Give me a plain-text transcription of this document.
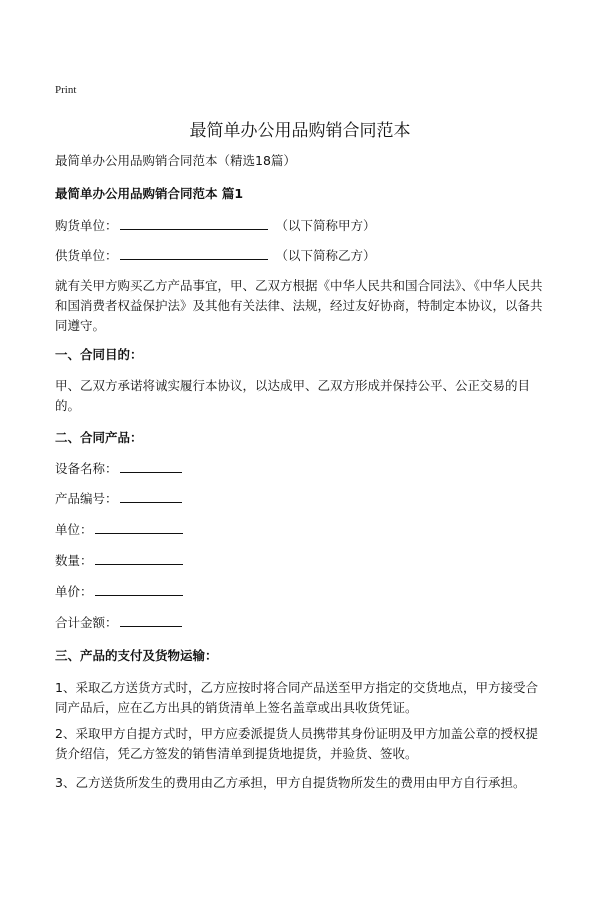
Print
最简单办公用品购销合同范本
最简单办公用品购销合同范本（精选18篇）
最简单办公用品购销合同范本 篇1
购货单位：	（以下简称甲方）
供货单位：	（以下简称乙方）

就有关甲方购买乙方产品事宜，甲、乙双方根据《中华人民共和国合同法》、《中华人民共和国消费者权益保护法》及其他有关法律、法规，经过友好协商，特制定本协议，以备共同遵守。

一、合同目的：

甲、乙双方承诺将诚实履行本协议，以达成甲、乙双方形成并保持公平、公正交易的目的。

二、合同产品：
设备名称：
产品编号：
单位：
数量：
单价：
合计金额：
三、产品的支付及货物运输：

1、采取乙方送货方式时，乙方应按时将合同产品送至甲方指定的交货地点，甲方接受合同产品后，应在乙方出具的销货清单上签名盖章或出具收货凭证。

2、采取甲方自提方式时，甲方应委派提货人员携带其身份证明及甲方加盖公章的授权提货介绍信，凭乙方签发的销售清单到提货地提货，并验货、签收。

3、乙方送货所发生的费用由乙方承担，甲方自提货物所发生的费用由甲方自行承担。
